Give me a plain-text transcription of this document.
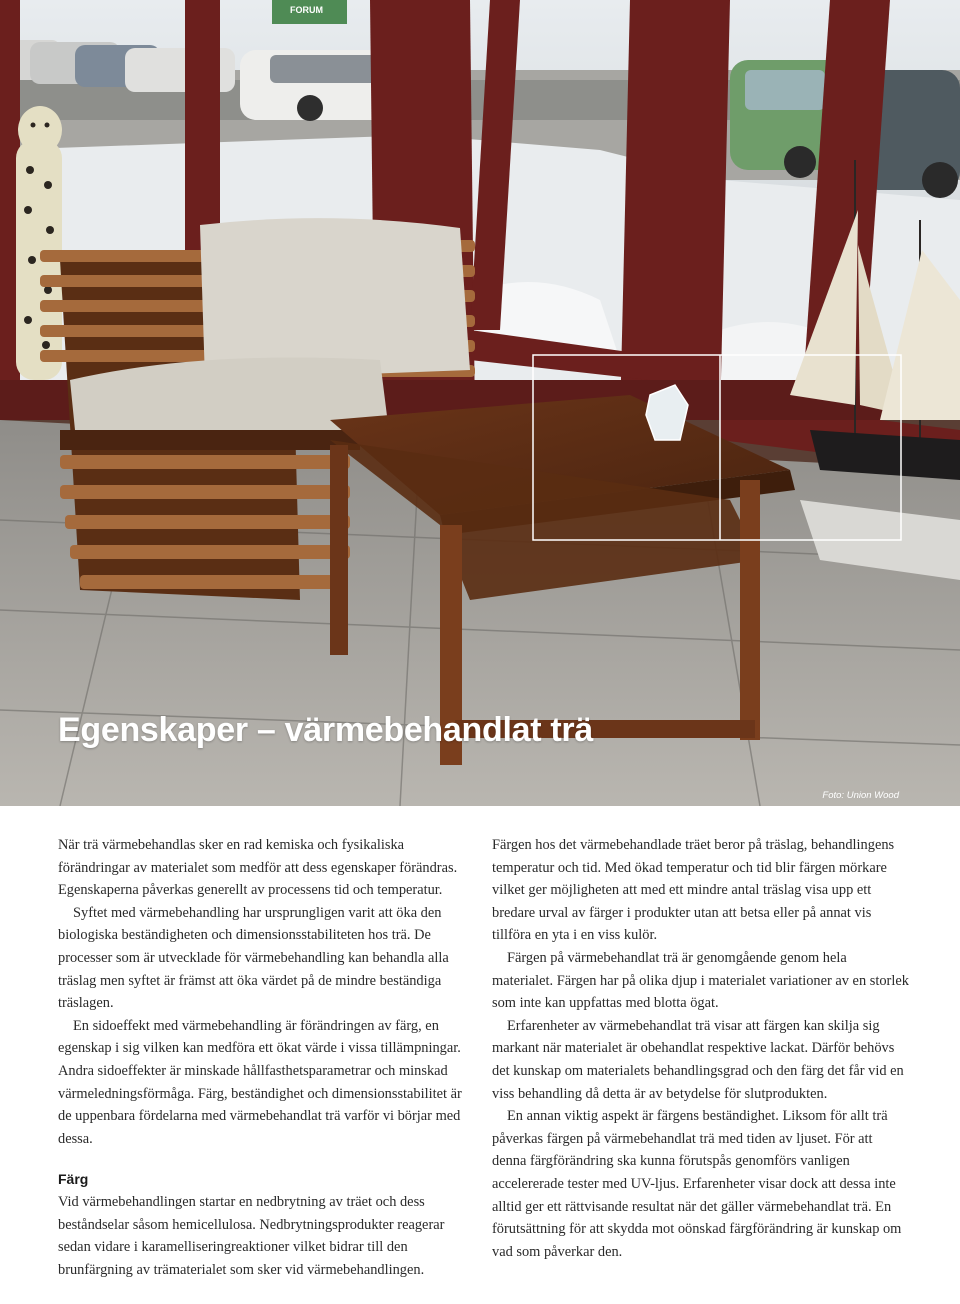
FORUM
Egenskaper – värmebehandlat trä
Foto: Union Wood

När trä värmebehandlas sker en rad kemiska och fysikaliska förändringar av materialet som medför att dess egenskaper förändras. Egenskaperna påverkas generellt av processens tid och temperatur.

Syftet med värmebehandling har ursprungligen varit att öka den biologiska beständigheten och dimensionsstabiliteten hos trä. De processer som är utvecklade för värmebehandling kan behandla alla träslag men syftet är främst att öka värdet på de mindre beständiga träslagen.

En sidoeffekt med värmebehandling är förändringen av färg, en egenskap i sig vilken kan medföra ett ökat värde i vissa tillämpningar. Andra sidoeffekter är minskade hållfasthetsparametrar och minskad värmeledningsförmåga. Färg, beständighet och dimensionsstabilitet är de uppenbara fördelarna med värmebehandlat trä varför vi börjar med dessa.

Färg

Vid värmebehandlingen startar en nedbrytning av träet och dess beståndselar såsom hemicellulosa. Nedbrytningsprodukter reagerar sedan vidare i karamelliseringreaktioner vilket bidrar till den brunfärgning av trämaterialet som sker vid värmebehandlingen.

Färgen hos det värmebehandlade träet beror på träslag, behandlingens temperatur och tid. Med ökad temperatur och tid blir färgen mörkare vilket ger möjligheten att med ett mindre antal träslag visa upp ett bredare urval av färger i produkter utan att betsa eller på annat vis tillföra en yta i en viss kulör.

Färgen på värmebehandlat trä är genomgående genom hela materialet. Färgen har på olika djup i materialet variationer av en storlek som inte kan uppfattas med blotta ögat.

Erfarenheter av värmebehandlat trä visar att färgen kan skilja sig markant när materialet är obehandlat respektive lackat. Därför behövs det kunskap om materialets behandlingsgrad och den färg det får vid en viss behandling då detta är av betydelse för slutprodukten.

En annan viktig aspekt är färgens beständighet. Liksom för allt trä påverkas färgen på värmebehandlat trä med tiden av ljuset. För att denna färgförändring ska kunna förutspås genomförs vanligen accelererade tester med UV-ljus. Erfarenheter visar dock att dessa inte alltid ger ett rättvisande resultat när det gäller värmebehandlat trä. En förutsättning för att skydda mot oönskad färgförändring är kunskap om vad som påverkar den.
